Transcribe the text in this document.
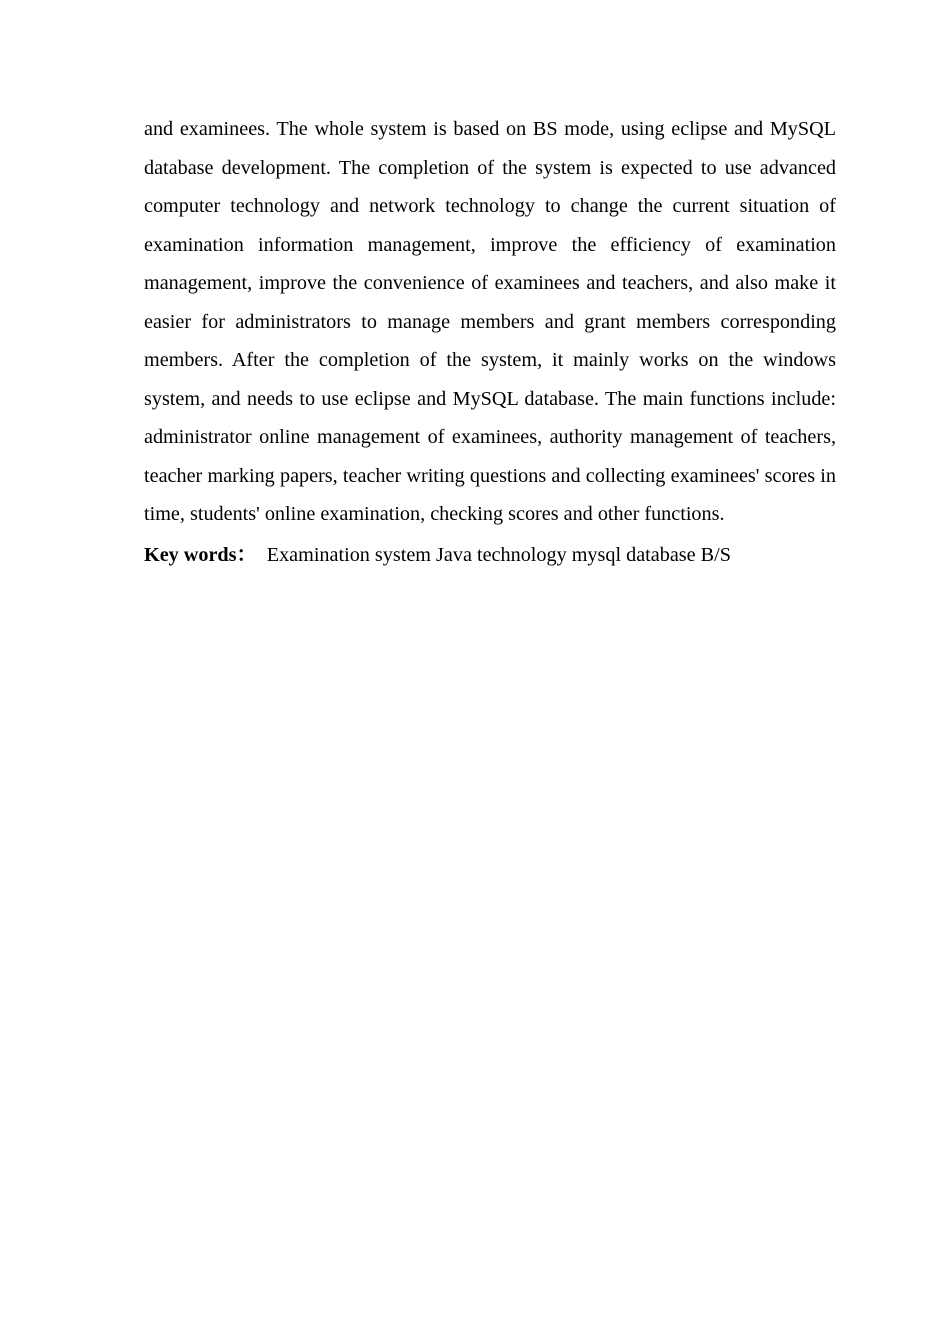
and examinees. The whole system is based on BS mode, using eclipse and MySQL database development. The completion of the system is expected to use advanced computer technology and network technology to change the current situation of examination information management, improve the efficiency of examination management, improve the convenience of examinees and teachers, and also make it easier for administrators to manage members and grant members corresponding members. After the completion of the system, it mainly works on the windows system, and needs to use eclipse and MySQL database. The main functions include: administrator online management of examinees, authority management of teachers, teacher marking papers, teacher writing questions and collecting examinees' scores in time, students' online examination, checking scores and other functions.

Key words： Examination system Java technology mysql database B/S
